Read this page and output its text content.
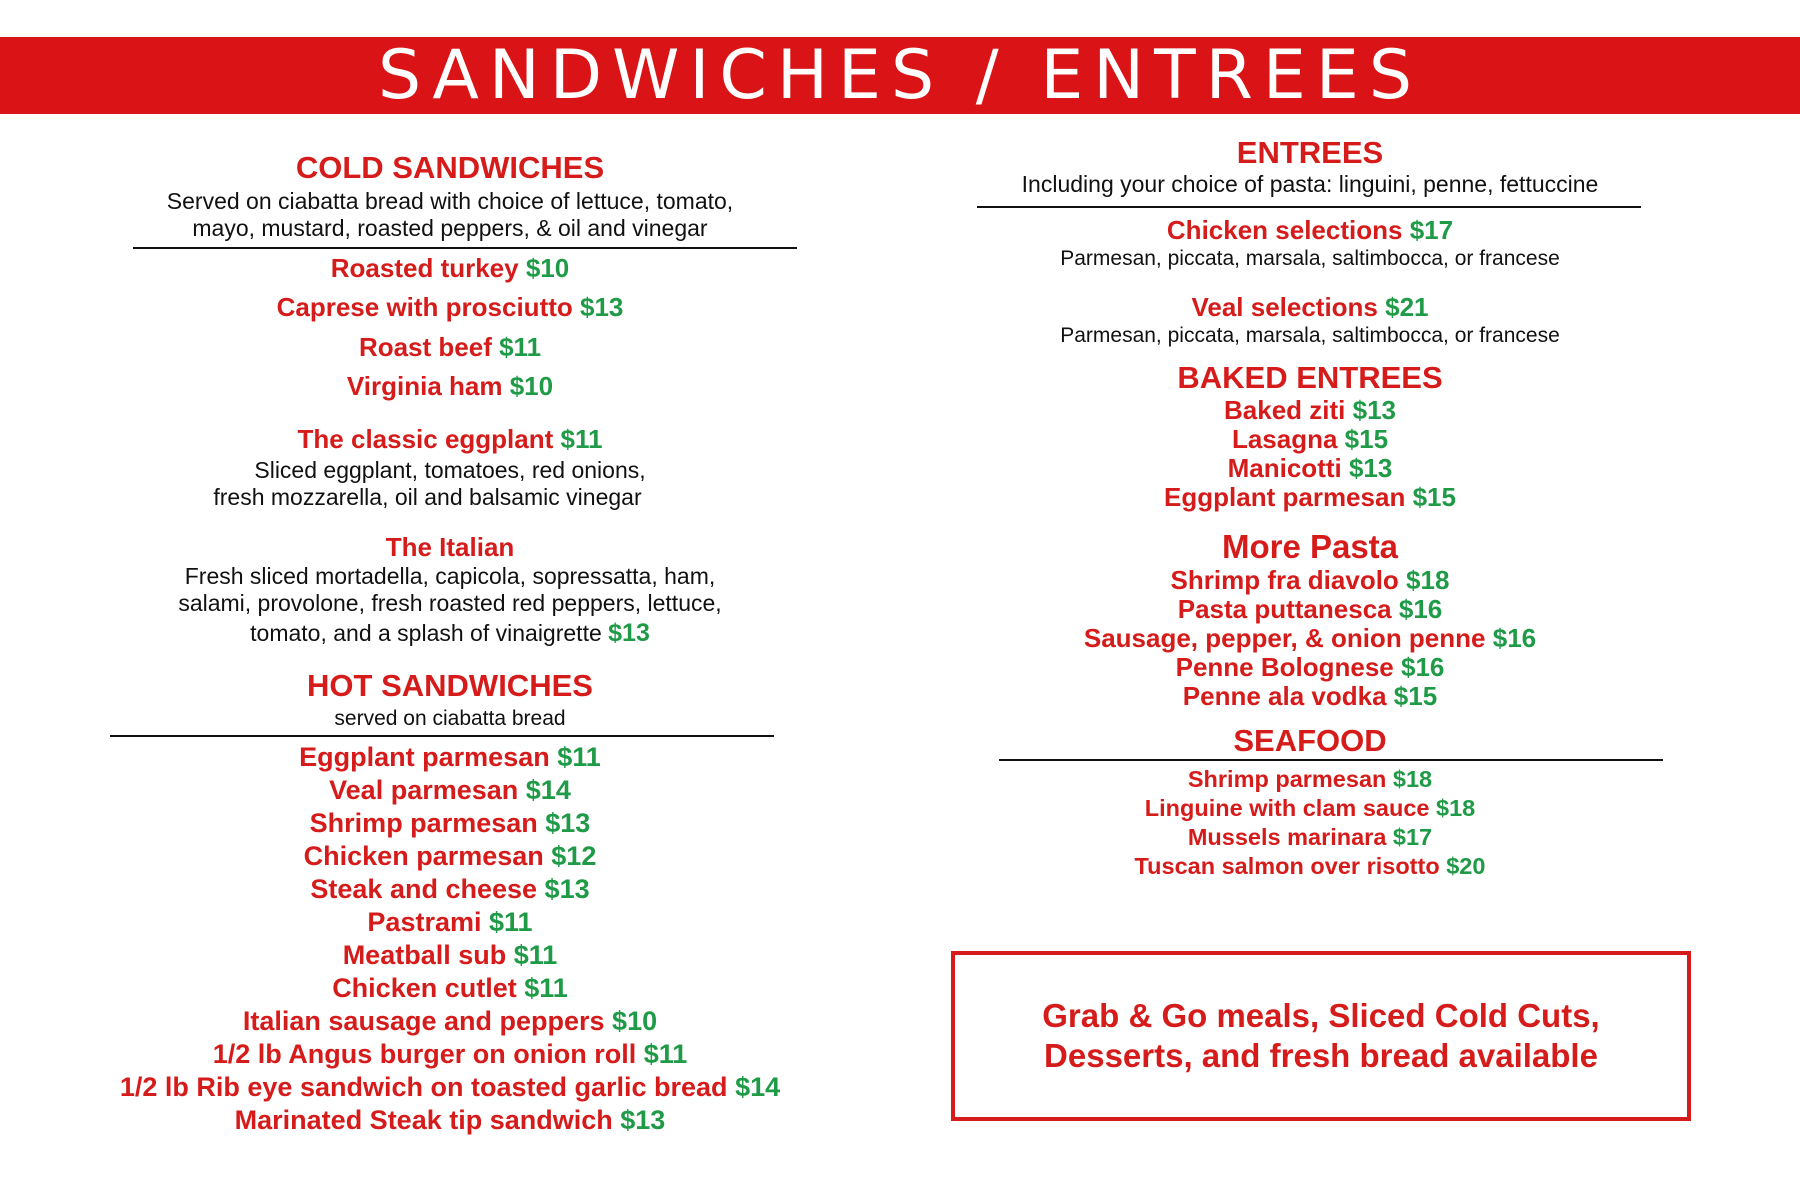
SANDWICHES / ENTREES
COLD SANDWICHES
Served on ciabatta bread with choice of lettuce, tomato,
mayo, mustard, roasted peppers, & oil and vinegar
Roasted turkey $10
Caprese with prosciutto $13
Roast beef $11
Virginia ham $10
The classic eggplant $11
Sliced eggplant, tomatoes, red onions,
fresh mozzarella, oil and balsamic vinegar
The Italian
Fresh sliced mortadella, capicola, sopressatta, ham,
salami, provolone, fresh roasted red peppers, lettuce,
tomato, and a splash of vinaigrette $13
HOT SANDWICHES
served on ciabatta bread
Eggplant parmesan $11
Veal parmesan $14
Shrimp parmesan $13
Chicken parmesan $12
Steak and cheese $13
Pastrami $11
Meatball sub $11
Chicken cutlet $11
Italian sausage and peppers $10
1/2 lb Angus burger on onion roll $11
1/2 lb Rib eye sandwich on toasted garlic bread $14
Marinated Steak tip sandwich $13
ENTREES
Including your choice of pasta: linguini, penne, fettuccine
Chicken selections $17
Parmesan, piccata, marsala, saltimbocca, or francese
Veal selections $21
Parmesan, piccata, marsala, saltimbocca, or francese
BAKED ENTREES
Baked ziti $13
Lasagna $15
Manicotti $13
Eggplant parmesan $15
More Pasta
Shrimp fra diavolo $18
Pasta puttanesca $16
Sausage, pepper, & onion penne $16
Penne Bolognese $16
Penne ala vodka $15
SEAFOOD
Shrimp parmesan $18
Linguine with clam sauce $18
Mussels marinara $17
Tuscan salmon over risotto $20
Grab & Go meals, Sliced Cold Cuts,
Desserts, and fresh bread available
